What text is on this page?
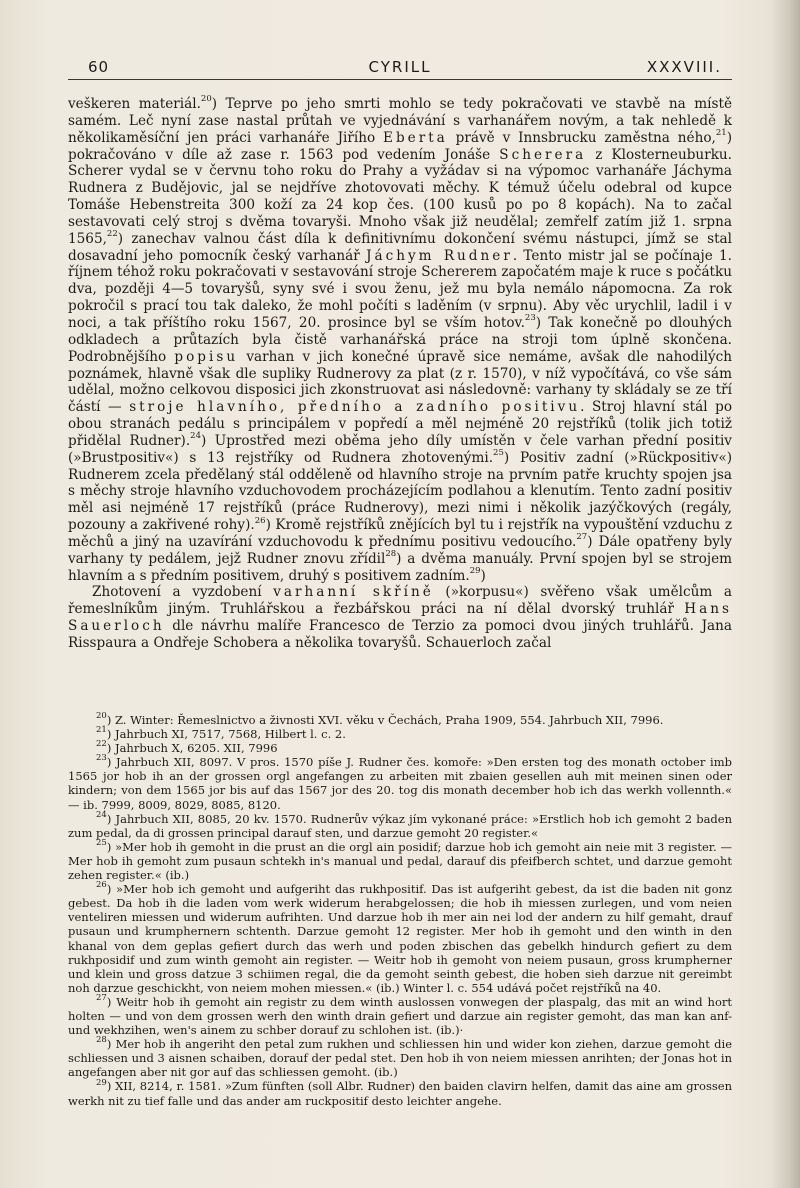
60	CYRILL	XXXVIII.

veškeren materiál.$^{20}$) Teprve po jeho smrti mohlo se tedy pokračovati ve stavbě na místě samém. Leč nyní zase nastal průtah ve vyjednávání s varhanářem novým, a tak nehledě k několikaměsíční jen práci varhanáře Jiřího Eberta právě v Innsbrucku zaměstna ného,$^{21}$) pokračováno v díle až zase r. 1563 pod vedením Jonáše Scherera z Klosterneuburku. Scherer vydal se v červnu toho roku do Prahy a vyžádav si na výpomoc varhanáře Jáchyma Rudnera z Budějovic, jal se nejdříve zhotovovati měchy. K témuž účelu odebral od kupce Tomáše Hebenstreita 300 koží za 24 kop čes. (100 kusů po po 8 kopách). Na to začal sestavovati celý stroj s dvěma tovaryši. Mnoho však již neudělal; zemřelf zatím již 1. srpna 1565,22) zanechav valnou část díla k definitivnímu dokončení svému nástupci, jímž se stal dosavadní jeho pomocník český varhanář Jáchym Rudner. Tento mistr jal se počínaje 1. říjnem téhož roku pokračovati v sestavování stroje Schererem započatém maje k ruce s počátku dva, později 4—5 tovaryšů, syny své i svou ženu, jež mu byla nemálo nápomocna. Za rok pokročil s prací tou tak daleko, že mohl počíti s laděním (v srpnu). Aby věc urychlil, ladil i v noci, a tak příštího roku 1567, 20. prosince byl se vším hotov.$^{23}$) Tak konečně po dlouhých odkladech a průtazích byla čistě varhanářská práce na stroji tom úplně skončena. Podrobnějšího popisu varhan v jich konečné úpravě sice nemáme, avšak dle nahodilých poznámek, hlavně však dle supliky Rudnerovy za plat (z r. 1570), v níž vypočítává, co vše sám udělal, možno celkovou disposici jich zkonstruovat asi následovně: varhany ty skládaly se ze tří částí — stroje hlavního, předního a zadního positivu. Stroj hlavní stál po obou stranách pedálu s principálem v popředí a měl nejméně 20 rejstříků (tolik jich totiž přidělal Rudner).$^{24}$) Uprostřed mezi oběma jeho díly umístěn v čele varhan přední positiv (»Brustpositiv«) s 13 rejstříky od Rudnera zhotovenými.$^{25}$) Positiv zadní (»Rückpositiv«) Rudnerem zcela předělaný stál odděleně od hlavního stroje na prvním patře kruchty spojen jsa s měchy stroje hlavního vzduchovodem procházejícím podlahou a klenutím. Tento zadní positiv měl asi nejméně 17 rejstříků (práce Rudnerovy), mezi nimi i několik jazýčkových (regály, pozouny a zakřivené rohy).$^{26}$) Kromě rejstříků znějících byl tu i rejstřík na vypouštění vzduchu z měchů a jiný na uzavírání vzduchovodu k přednímu positivu vedoucího.$^{27}$) Dále opatřeny byly varhany ty pedálem, jejž Rudner znovu zřídil$^{28}$) a dvěma manuály. První spojen byl se strojem hlavním a s předním positivem, druhý s positivem zadním.$^{29}$)

Zhotovení a vyzdobení varhanní skříně (»korpusu«) svěřeno však umělcům a řemeslníkům jiným. Truhlářskou a řezbářskou práci na ní dělal dvorský truhlář Hans Sauerloch dle návrhu malíře Francesco de Terzio za pomoci dvou jiných truhlářů. Jana Risspaura a Ondřeje Schobera a několika tovaryšů. Schauerloch začal

$^{20}$) Z. Winter: Řemeslnictvo a živnosti XVI. věku v Čechách, Praha 1909, 554. Jahrbuch XII, 7996.

$^{21}$) Jahrbuch XI, 7517, 7568, Hilbert l. c. 2.

$^{22}$) Jahrbuch X, 6205. XII, 7996

$^{23}$) Jahrbuch XII, 8097. V pros. 1570 píše J. Rudner čes. komoře: »Den ersten tog des monath october imb 1565 jor hob ih an der grossen orgl angefangen zu arbeiten mit zbaien gesellen auh mit meinen sinen oder kindern; von dem 1565 jor bis auf das 1567 jor des 20. tog dis monath december hob ich das werkh vollennth.« — ib. 7999, 8009, 8029, 8085, 8120.

$^{24}$) Jahrbuch XII, 8085, 20 kv. 1570. Rudnerův výkaz jím vykonané práce: »Erstlich hob ich gemoht 2 baden zum pedal, da di grossen principal darauf sten, und darzue gemoht 20 register.«

$^{25}$) »Mer hob ih gemoht in die prust an die orgl ain posidif; darzue hob ich gemoht ain neie mit 3 register. — Mer hob ih gemoht zum pusaun schtekh in's manual und pedal, darauf dis pfeifberch schtet, und darzue gemoht zehen register.« (ib.)

$^{26}$) »Mer hob ich gemoht und aufgeriht das rukhpositif. Das ist aufgeriht gebest, da ist die baden nit gonz gebest. Da hob ih die laden vom werk widerum herabgelossen; die hob ih miessen zurlegen, und vom neien venteliren miessen und widerum aufrihten. Und darzue hob ih mer ain nei lod der andern zu hilf gemaht, drauf pusaun und krumphernern schtenth. Darzue gemoht 12 register. Mer hob ih gemoht und den winth in den khanal von dem geplas gefiert durch das werh und poden zbischen das gebelkh hindurch gefiert zu dem rukhposidif und zum winth gemoht ain register. — Weitr hob ih gemoht von neiem pusaun, gross krumpherner und klein und gross datzue 3 schiimen regal, die da gemoht seinth gebest, die hoben sieh darzue nit gereimbt noh darzue geschickht, von neiem mohen miessen.« (ib.) Winter l. c. 554 udává počet rejstříků na 40.

$^{27}$) Weitr hob ih gemoht ain registr zu dem winth auslossen vonwegen der plaspalg, das mit an wind hort holten — und von dem grossen werh den winth drain gefiert und darzue ain register gemoht, das man kan anf- und wekhzihen, wen's ainem zu schber dorauf zu schlohen ist. (ib.)·

$^{28}$) Mer hob ih angeriht den petal zum rukhen und schliessen hin und wider kon ziehen, darzue gemoht die schliessen und 3 aisnen schaiben, dorauf der pedal stet. Den hob ih von neiem miessen anrihten; der Jonas hot in angefangen aber nit gor auf das schliessen gemoht. (ib.)

$^{29}$) XII, 8214, r. 1581. »Zum fünften (soll Albr. Rudner) den baiden clavirn helfen, damit das aine am grossen werkh nit zu tief falle und das ander am ruckpositif desto leichter angehe.
